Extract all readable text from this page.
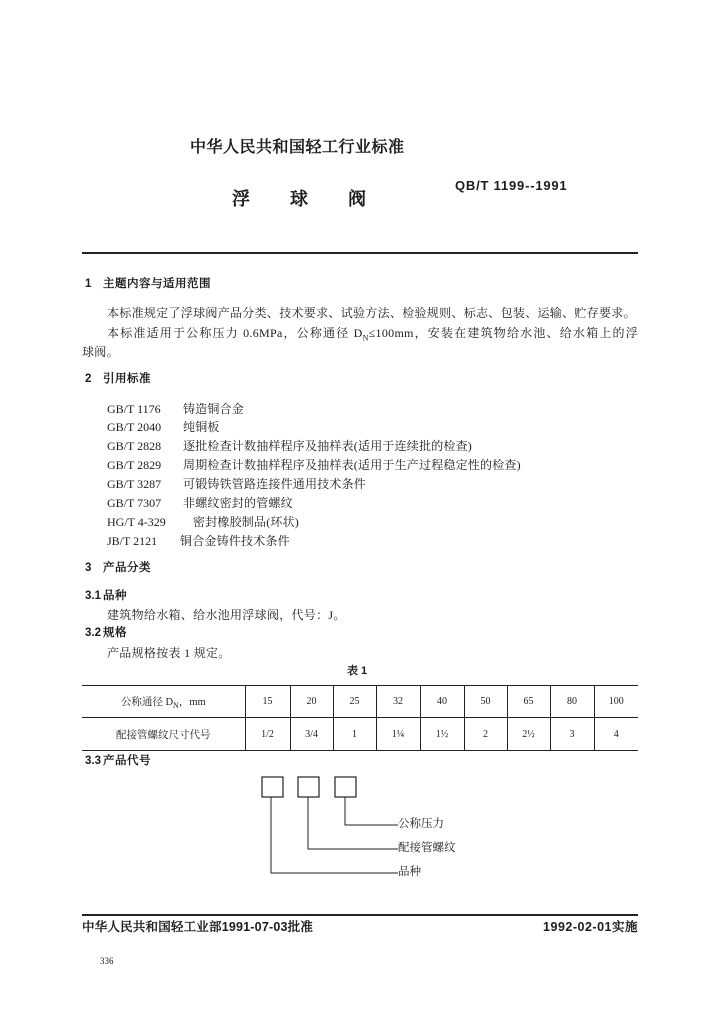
中华人民共和国轻工行业标准
浮球阀
QB/T 1199--1991
1 主题内容与适用范围
本标准规定了浮球阀产品分类、技术要求、试验方法、检验规则、标志、包装、运输、贮存要求。
本标准适用于公称压力 0.6MPa，公称通径 $D_N\le 100mm$，安装在建筑物给水池、给水箱上的浮
球阀。
2 引用标准
GB/T 1176 铸造铜合金
GB/T 2040 纯铜板
GB/T 2828 逐批检查计数抽样程序及抽样表(适用于连续批的检查)
GB/T 2829 周期检查计数抽样程序及抽样表(适用于生产过程稳定性的检查)
GB/T 3287 可锻铸铁管路连接件通用技术条件
GB/T 7307 非螺纹密封的管螺纹
HG/T 4-329 密封橡胶制品(环状)
JB/T 2121 铜合金铸件技术条件
3 产品分类
3.1 品种
建筑物给水箱、给水池用浮球阀，代号：J。
3.2 规格
产品规格按表 1 规定。
表 1
公称通径 $D_N$，mm	15	20	25	32	40	50	65	80	100
配接管螺纹尺寸代号	1/2	3/4	1	1¼	1½	2	2½	3	4
3.3 产品代号
公称压力
配接管螺纹
品种
中华人民共和国轻工业部1991-07-03批准	1992-02-01实施
336
